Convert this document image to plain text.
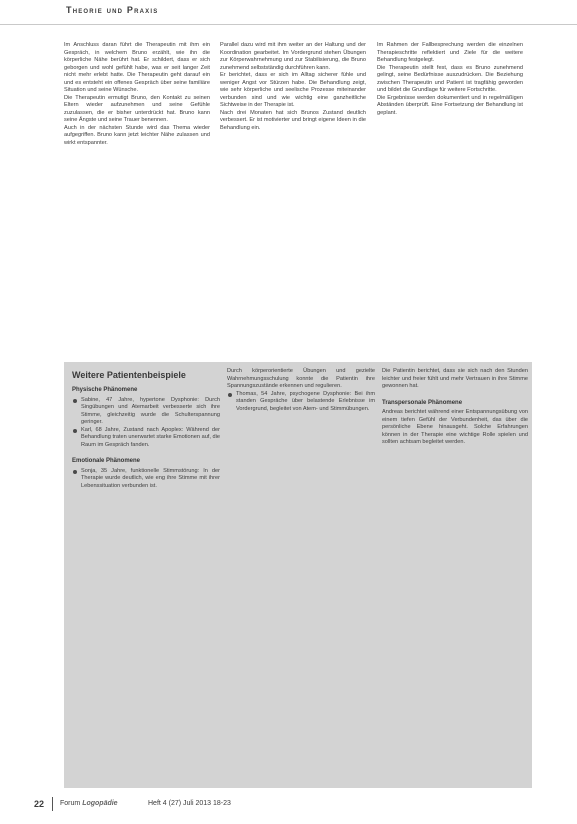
Theorie und Praxis

Im Anschluss daran führt die Therapeutin mit ihm ein Gespräch, in welchem Bruno erzählt, wie ihn die körperliche Nähe berührt hat. Er schildert, dass er sich geborgen und wohl gefühlt habe, was er seit langer Zeit nicht mehr erlebt hatte. Die Therapeutin geht darauf ein und es entsteht ein offenes Gespräch über seine familiäre Situation und seine Wünsche.

Die Therapeutin ermutigt Bruno, den Kontakt zu seinen Eltern wieder aufzunehmen und seine Gefühle zuzulassen, die er bisher unterdrückt hat. Bruno kann seine Ängste und seine Trauer benennen.

Auch in der nächsten Stunde wird das Thema wieder aufgegriffen. Bruno kann jetzt leichter Nähe zulassen und wirkt entspannter.

Parallel dazu wird mit ihm weiter an der Haltung und der Koordination gearbeitet. Im Vordergrund stehen Übungen zur Körperwahrnehmung und zur Stabilisierung, die Bruno zunehmend selbstständig durchführen kann.

Er berichtet, dass er sich im Alltag sicherer fühle und weniger Angst vor Stürzen habe. Die Behandlung zeigt, wie sehr körperliche und seelische Prozesse miteinander verbunden sind und wie wichtig eine ganzheitliche Sichtweise in der Therapie ist.

Nach drei Monaten hat sich Brunos Zustand deutlich verbessert. Er ist motivierter und bringt eigene Ideen in die Behandlung ein.

Im Rahmen der Fallbesprechung werden die einzelnen Therapieschritte reflektiert und Ziele für die weitere Behandlung festgelegt.

Die Therapeutin stellt fest, dass es Bruno zunehmend gelingt, seine Bedürfnisse auszudrücken. Die Beziehung zwischen Therapeutin und Patient ist tragfähig geworden und bildet die Grundlage für weitere Fortschritte.

Die Ergebnisse werden dokumentiert und in regelmäßigen Abständen überprüft. Eine Fortsetzung der Behandlung ist geplant.

Weitere Patientenbeispiele
Physische Phänomene
Sabine, 47 Jahre, hypertone Dysphonie: Durch Singübungen und Atemarbeit verbesserte sich ihre Stimme, gleichzeitig wurde die Schulterspannung geringer.
Karl, 68 Jahre, Zustand nach Apoplex: Während der Behandlung traten unerwartet starke Emotionen auf, die Raum im Gespräch fanden.
Emotionale Phänomene
Sonja, 35 Jahre, funktionelle Stimmstörung: In der Therapie wurde deutlich, wie eng ihre Stimme mit ihrer Lebenssituation verbunden ist.
Durch körperorientierte Übungen und gezielte Wahrnehmungsschulung konnte die Patientin ihre Spannungszustände erkennen und regulieren.
Thomas, 54 Jahre, psychogene Dysphonie: Bei ihm standen Gespräche über belastende Erlebnisse im Vordergrund, begleitet von Atem- und Stimmübungen.
Die Patientin berichtet, dass sie sich nach den Stunden leichter und freier fühlt und mehr Vertrauen in ihre Stimme gewonnen hat.
Transpersonale Phänomene
Andreas berichtet während einer Entspannungsübung von einem tiefen Gefühl der Verbundenheit, das über die persönliche Ebene hinausgeht. Solche Erfahrungen können in der Therapie eine wichtige Rolle spielen und sollten achtsam begleitet werden.
22 Forum Logopädie	Heft 4 (27) Juli 2013 18-23
